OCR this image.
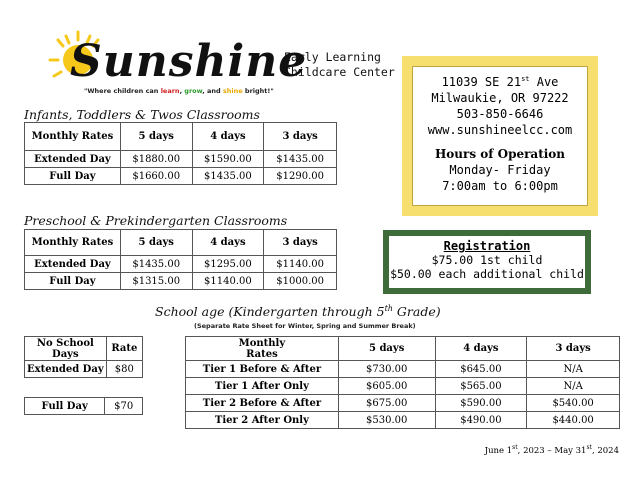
Sunshine
Early Learning
Childcare Center
"Where children can learn, grow, and shine bright!"
11039 SE 21st Ave
Milwaukie, OR 97222
503-850-6646
www.sunshineelcc.com
Hours of Operation
Monday- Friday
7:00am to 6:00pm
Registration
$75.00 1st child
$50.00 each additional child
Infants, Toddlers & Twos Classrooms
Monthly Rates	5 days	4 days	3 days
Extended Day	$1880.00	$1590.00	$1435.00
Full Day	$1660.00	$1435.00	$1290.00
Preschool & Prekindergarten Classrooms
Monthly Rates	5 days	4 days	3 days
Extended Day	$1435.00	$1295.00	$1140.00
Full Day	$1315.00	$1140.00	$1000.00
School age (Kindergarten through 5th Grade)
(Separate Rate Sheet for Winter, Spring and Summer Break)
No School Days	Rate
Extended Day	$80
Full Day	$70
Monthly Rates	5 days	4 days	3 days
Tier 1 Before & After	$730.00	$645.00	N/A
Tier 1 After Only	$605.00	$565.00	N/A
Tier 2 Before & After	$675.00	$590.00	$540.00
Tier 2 After Only	$530.00	$490.00	$440.00
June 1st, 2023 – May 31st, 2024
